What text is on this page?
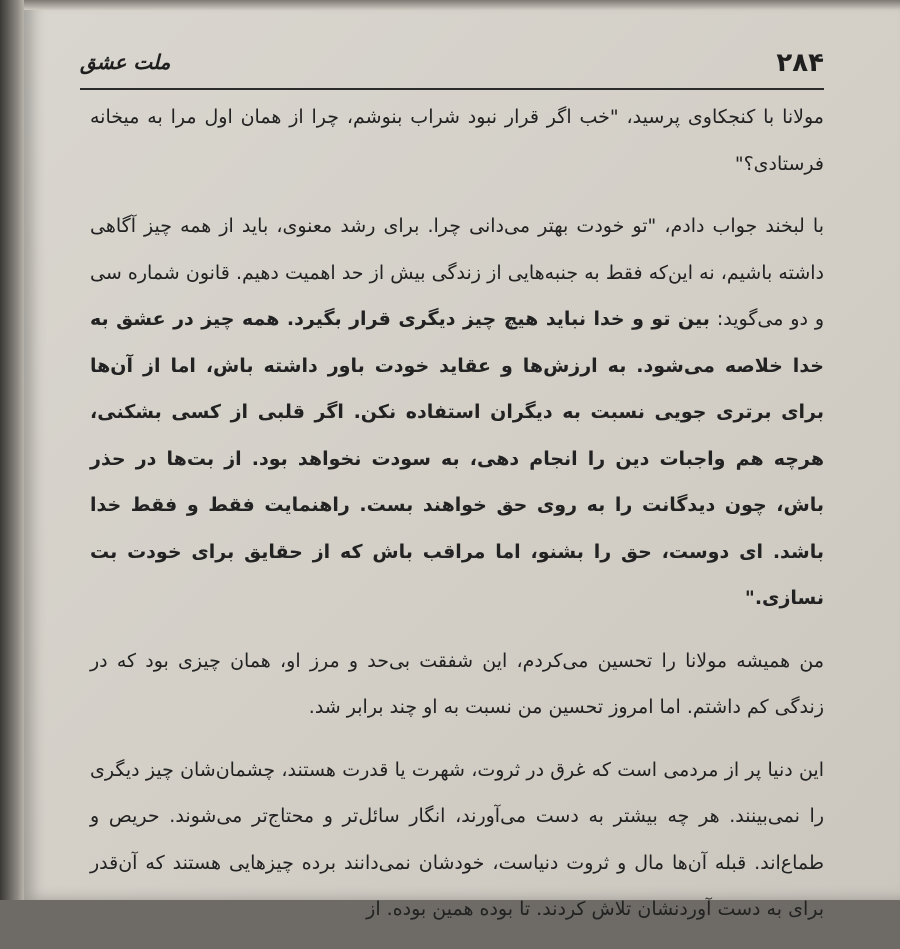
۲۸۴
ملت عشق

مولانا با کنجکاوی پرسید، "خب اگر قرار نبود شراب بنوشم، چرا از همان اول مرا به میخانه فرستادی؟"

با لبخند جواب دادم، "تو خودت بهتر می‌دانی چرا. برای رشد معنوی، باید از همه چیز آگاهی داشته باشیم، نه این‌که فقط به جنبه‌هایی از زندگی بیش از حد اهمیت دهیم. قانون شماره سی و دو می‌گوید: بین تو و خدا نباید هیچ چیز دیگری قرار بگیرد. همه چیز در عشق به خدا خلاصه می‌شود. به ارزش‌ها و عقاید خودت باور داشته باش، اما از آن‌ها برای برتری جویی نسبت به دیگران استفاده نکن. اگر قلبی از کسی بشکنی، هرچه هم واجبات دین را انجام دهی، به سودت نخواهد بود. از بت‌ها در حذر باش، چون دیدگانت را به روی حق خواهند بست. راهنمایت فقط و فقط خدا باشد. ای دوست، حق را بشنو، اما مراقب باش که از حقایق برای خودت بت نسازی."

من همیشه مولانا را تحسین می‌کردم، این شفقت بی‌حد و مرز او، همان چیزی بود که در زندگی کم داشتم. اما امروز تحسین من نسبت به او چند برابر شد.

این دنیا پر از مردمی است که غرق در ثروت، شهرت یا قدرت هستند، چشمان‌شان چیز دیگری را نمی‌بینند. هر چه بیشتر به دست می‌آورند، انگار سائل‌تر و محتاج‌تر می‌شوند. حریص و طماع‌اند. قبله آن‌ها مال و ثروت دنیاست، خودشان نمی‌دانند برده چیزهایی هستند که آن‌قدر برای به دست آوردنشان تلاش کردند. تا بوده همین بوده. از
